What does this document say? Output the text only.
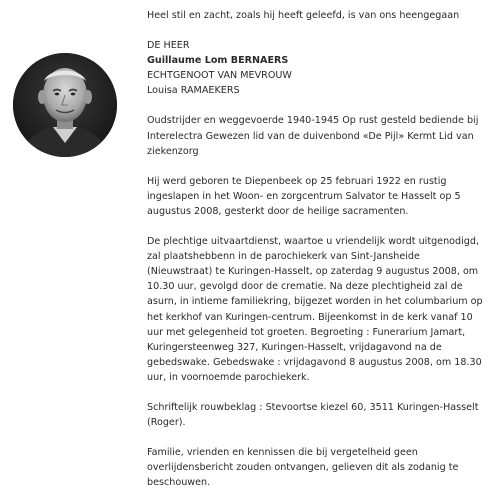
Heel stil en zacht, zoals hij heeft geleefd, is van ons heengegaan

DE HEER

Guillaume Lom BERNAERS

ECHTGENOOT VAN MEVROUW

Louisa RAMAEKERS

Oudstrijder en weggevoerde 1940-1945 Op rust gesteld bediende bij Interelectra Gewezen lid van de duivenbond «De Pijl» Kermt Lid van ziekenzorg

Hij werd geboren te Diepenbeek op 25 februari 1922 en rustig ingeslapen in het Woon- en zorgcentrum Salvator te Hasselt op 5 augustus 2008, gesterkt door de heilige sacramenten.

De plechtige uitvaartdienst, waartoe u vriendelijk wordt uitgenodigd, zal plaatshebbenn in de parochiekerk van Sint-Jansheide (Nieuwstraat) te Kuringen-Hasselt, op zaterdag 9 augustus 2008, om 10.30 uur, gevolgd door de crematie. Na deze plechtigheid zal de asurn, in intieme familiekring, bijgezet worden in het columbarium op het kerkhof van Kuringen-centrum. Bijeenkomst in de kerk vanaf 10 uur met gelegenheid tot groeten. Begroeting : Funerarium Jamart, Kuringersteenweg 327, Kuringen-Hasselt, vrijdagavond na de gebedswake. Gebedswake : vrijdagavond 8 augustus 2008, om 18.30 uur, in voornoemde parochiekerk.

Schriftelijk rouwbeklag : Stevoortse kiezel 60, 3511 Kuringen-Hasselt (Roger).

Familie, vrienden en kennissen die bij vergetelheid geen overlijdensbericht zouden ontvangen, gelieven dit als zodanig te beschouwen.
